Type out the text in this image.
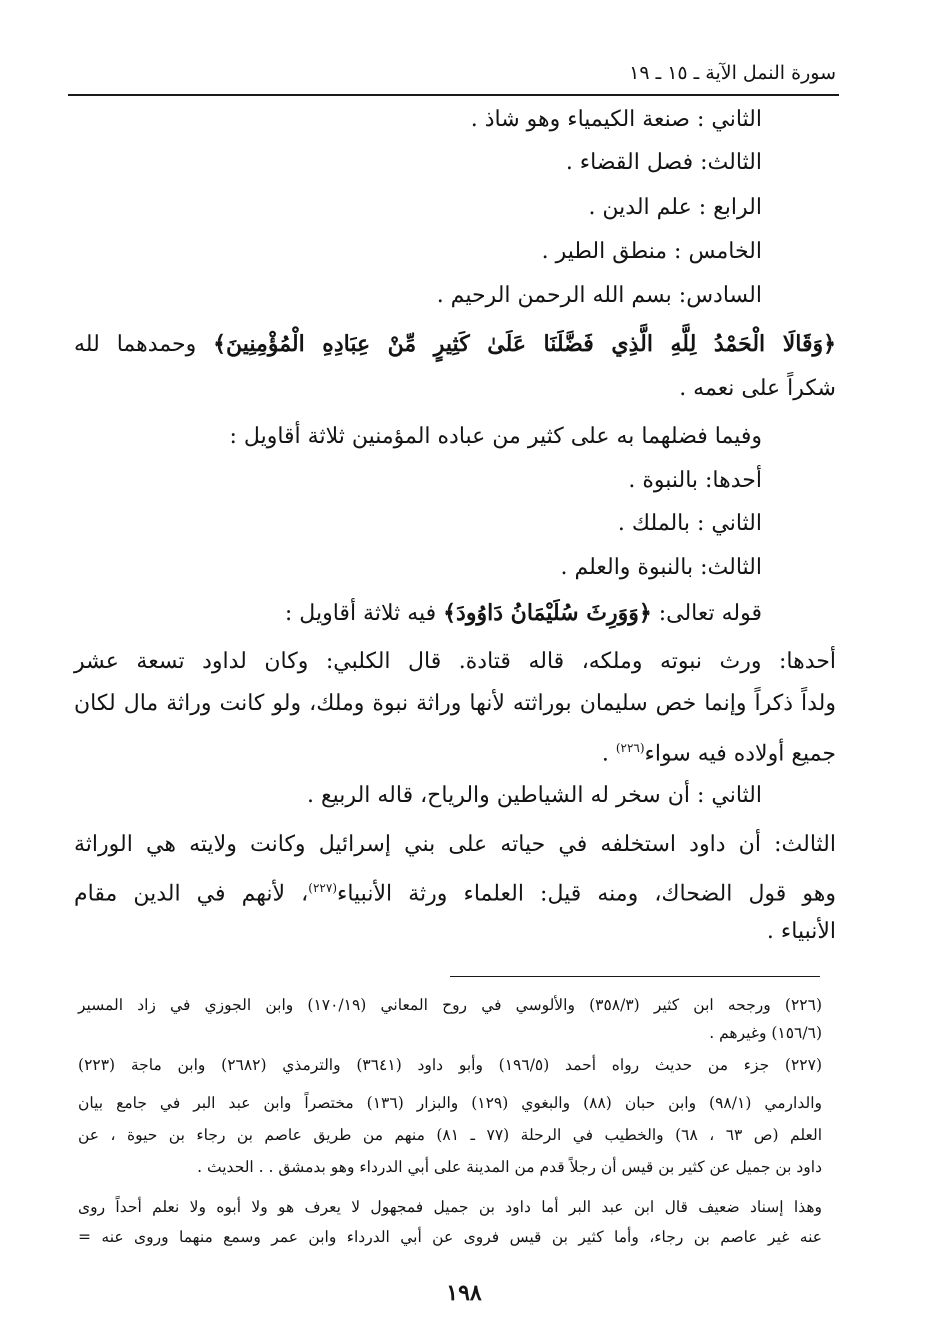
سورة النمل الآية ـ ١٥ ـ ١٩
الثاني : صنعة الكيمياء وهو شاذ .
الثالث: فصل القضاء .
الرابع : علم الدين .
الخامس : منطق الطير .
السادس: بسم الله الرحمن الرحيم .
﴿وَقَالَا الْحَمْدُ لِلَّهِ الَّذِي فَضَّلَنَا عَلَىٰ كَثِيرٍ مِّنْ عِبَادِهِ الْمُؤْمِنِينَ﴾ وحمدهما لله
شكراً على نعمه .
وفيما فضلهما به على كثير من عباده المؤمنين ثلاثة أقاويل :
أحدها: بالنبوة .
الثاني : بالملك .
الثالث: بالنبوة والعلم .
قوله تعالى: ﴿وَوَرِثَ سُلَيْمَانُ دَاوُودَ﴾ فيه ثلاثة أقاويل :
أحدها: ورث نبوته وملكه، قاله قتادة. قال الكلبي: وكان لداود تسعة عشر
ولداً ذكراً وإنما خص سليمان بوراثته لأنها وراثة نبوة وملك، ولو كانت وراثة مال لكان
جميع أولاده فيه سواء$^{(٢٢٦)}$ .
الثاني : أن سخر له الشياطين والرياح، قاله الربيع .
الثالث: أن داود استخلفه في حياته على بني إسرائيل وكانت ولايته هي الوراثة
وهو قول الضحاك، ومنه قيل: العلماء ورثة الأنبياء$^{(٢٢٧)}$، لأنهم في الدين مقام
الأنبياء .
(٢٢٦) ورجحه ابن كثير (٣٥٨/٣) والألوسي في روح المعاني (١٧٠/١٩) وابن الجوزي في زاد المسير
(١٥٦/٦) وغيرهم .
(٢٢٧) جزء من حديث رواه أحمد (١٩٦/٥) وأبو داود (٣٦٤١) والترمذي (٢٦٨٢) وابن ماجة (٢٢٣)
والدارمي (٩٨/١) وابن حبان (٨٨) والبغوي (١٢٩) والبزار (١٣٦) مختصراً وابن عبد البر في جامع بيان
العلم (ص ٦٣ ، ٦٨) والخطيب في الرحلة (٧٧ ـ ٨١) منهم من طريق عاصم بن رجاء بن حيوة ، عن
داود بن جميل عن كثير بن قيس أن رجلاً قدم من المدينة على أبي الدرداء وهو بدمشق . . الحديث .
وهذا إسناد ضعيف قال ابن عبد البر أما داود بن جميل فمجهول لا يعرف هو ولا أبوه ولا نعلم أحداً روى
عنه غير عاصم بن رجاء، وأما كثير بن قيس فروى عن أبي الدرداء وابن عمر وسمع منهما وروى عنه =
١٩٨
